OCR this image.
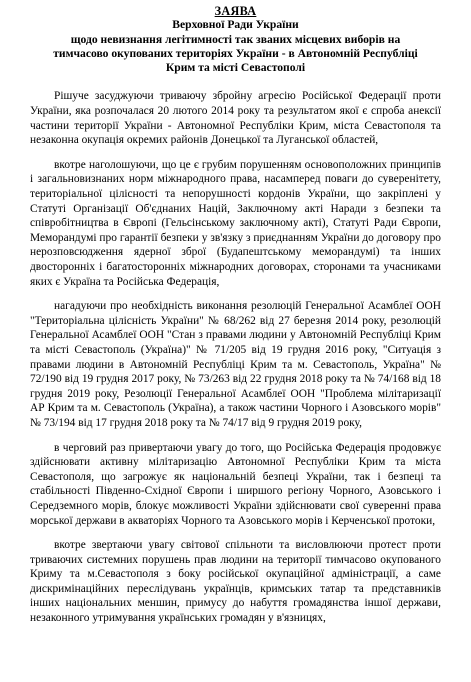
ЗАЯВА
Верховної Ради України
щодо невизнання легітимності так званих місцевих виборів на
тимчасово окупованих територіях України - в Автономній Республіці
Крим та місті Севастополі

Рішуче засуджуючи триваючу збройну агресію Російської Федерації проти України, яка розпочалася 20 лютого 2014 року та результатом якої є спроба анексії частини території України - Автономної Республіки Крим, міста Севастополя та незаконна окупація окремих районів Донецької та Луганської областей,

вкотре наголошуючи, що це є грубим порушенням основоположних принципів і загальновизнаних норм міжнародного права, насамперед поваги до суверенітету, територіальної цілісності та непорушності кордонів України, що закріплені у Статуті Організації Об'єднаних Націй, Заключному акті Наради з безпеки та співробітництва в Європі (Гельсінському заключному акті), Статуті Ради Європи, Меморандумі про гарантії безпеки у зв'язку з приєднанням України до договору про нерозповсюдження ядерної зброї (Будапештському меморандумі) та інших двосторонніх і багатосторонніх міжнародних договорах, сторонами та учасниками яких є Україна та Російська Федерація,

нагадуючи про необхідність виконання резолюцій Генеральної Асамблеї ООН "Територіальна цілісність України" № 68/262 від 27 березня 2014 року, резолюцій Генеральної Асамблеї ООН "Стан з правами людини у Автономній Республіці Крим та місті Севастополь (Україна)" № 71/205 від 19 грудня 2016 року, "Ситуація з правами людини в Автономній Республіці Крим та м. Севастополь, Україна" № 72/190 від 19 грудня 2017 року, № 73/263 від 22 грудня 2018 року та № 74/168 від 18 грудня 2019 року, Резолюції Генеральної Асамблеї ООН "Проблема мілітаризації АР Крим та м. Севастополь (Україна), а також частини Чорного і Азовського морів" № 73/194 від 17 грудня 2018 року та № 74/17 від 9 грудня 2019 року,

в черговий раз привертаючи увагу до того, що Російська Федерація продовжує здійснювати активну мілітаризацію Автономної Республіки Крим та міста Севастополя, що загрожує як національній безпеці України, так і безпеці та стабільності Південно-Східної Європи і ширшого регіону Чорного, Азовського і Середземного морів, блокує можливості України здійснювати свої суверенні права морської держави в акваторіях Чорного та Азовського морів і Керченської протоки,

вкотре звертаючи увагу світової спільноти та висловлюючи протест проти триваючих системних порушень прав людини на території тимчасово окупованого Криму та м.Севастополя з боку російської окупаційної адміністрації, а саме дискримінаційних переслідувань українців, кримських татар та представників інших національних меншин, примусу до набуття громадянства іншої держави, незаконного утримування українських громадян у в'язницях,
